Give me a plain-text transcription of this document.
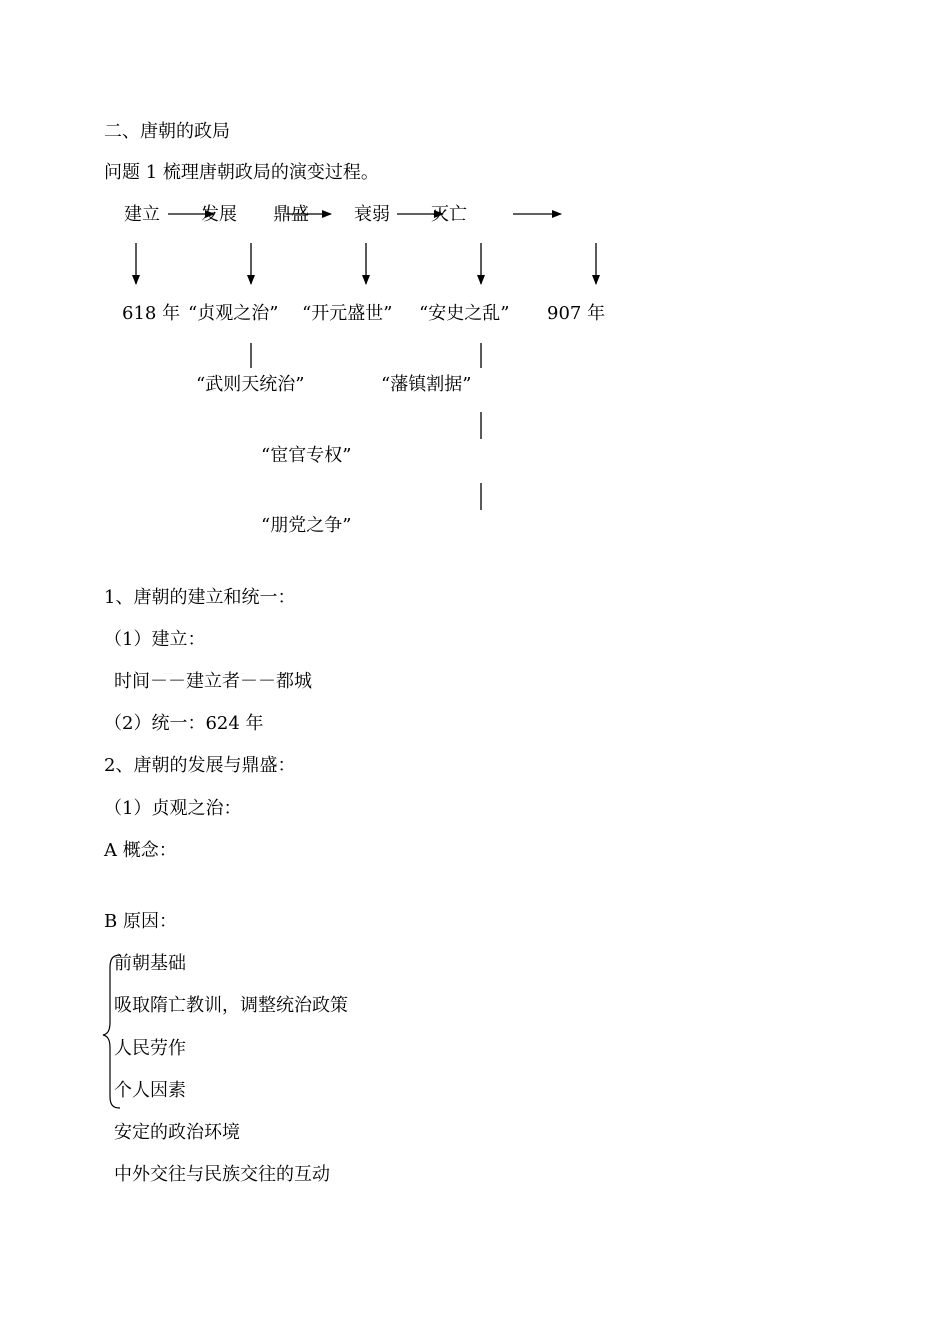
二、唐朝的政局
问题 1 梳理唐朝政局的演变过程。
建立 发展 鼎盛	衰弱 灭亡
618 年 “贞观之治” “开元盛世” “安史之乱” 907 年
“武则天统治”	“藩镇割据”
“宦官专权”
“朋党之争”
1、唐朝的建立和统一：
（1）建立：
时间－－建立者－－都城
（2）统一：624 年
2、唐朝的发展与鼎盛：
（1）贞观之治：
A 概念：
B 原因：
前朝基础
吸取隋亡教训，调整统治政策
人民劳作
个人因素
安定的政治环境
中外交往与民族交往的互动
